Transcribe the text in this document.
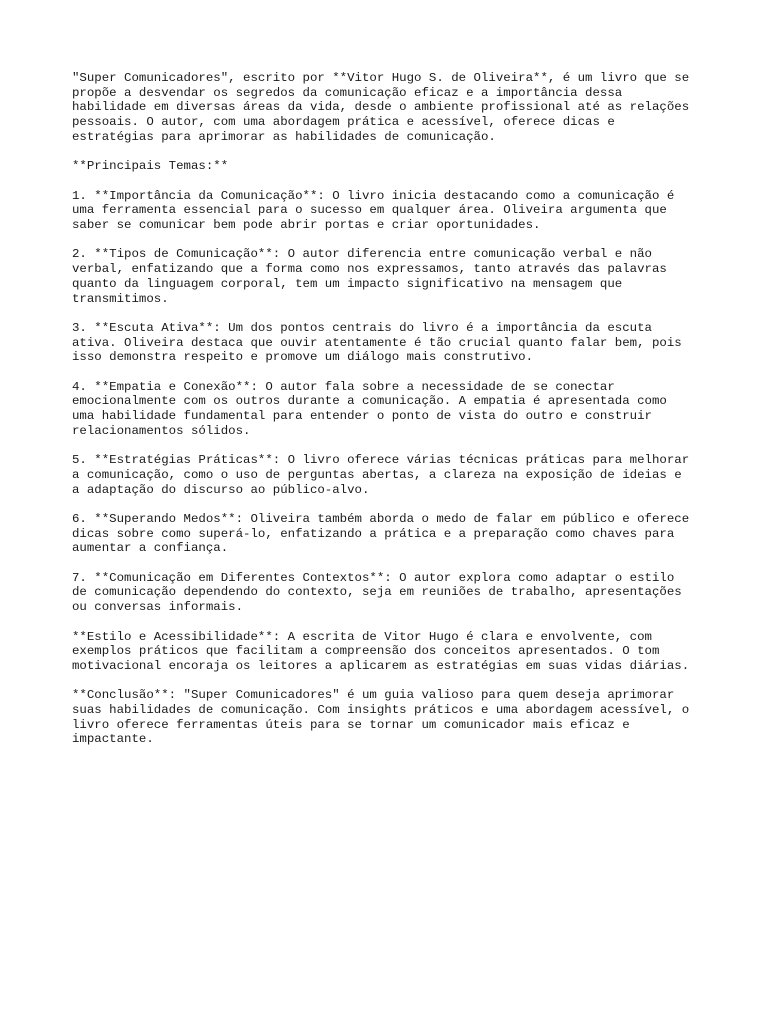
"Super Comunicadores", escrito por **Vitor Hugo S. de Oliveira**, é um livro que se
propõe a desvendar os segredos da comunicação eficaz e a importância dessa
habilidade em diversas áreas da vida, desde o ambiente profissional até as relações
pessoais. O autor, com uma abordagem prática e acessível, oferece dicas e
estratégias para aprimorar as habilidades de comunicação.

**Principais Temas:**

1. **Importância da Comunicação**: O livro inicia destacando como a comunicação é
uma ferramenta essencial para o sucesso em qualquer área. Oliveira argumenta que
saber se comunicar bem pode abrir portas e criar oportunidades.

2. **Tipos de Comunicação**: O autor diferencia entre comunicação verbal e não
verbal, enfatizando que a forma como nos expressamos, tanto através das palavras
quanto da linguagem corporal, tem um impacto significativo na mensagem que
transmitimos.

3. **Escuta Ativa**: Um dos pontos centrais do livro é a importância da escuta
ativa. Oliveira destaca que ouvir atentamente é tão crucial quanto falar bem, pois
isso demonstra respeito e promove um diálogo mais construtivo.

4. **Empatia e Conexão**: O autor fala sobre a necessidade de se conectar
emocionalmente com os outros durante a comunicação. A empatia é apresentada como
uma habilidade fundamental para entender o ponto de vista do outro e construir
relacionamentos sólidos.

5. **Estratégias Práticas**: O livro oferece várias técnicas práticas para melhorar
a comunicação, como o uso de perguntas abertas, a clareza na exposição de ideias e
a adaptação do discurso ao público-alvo.

6. **Superando Medos**: Oliveira também aborda o medo de falar em público e oferece
dicas sobre como superá-lo, enfatizando a prática e a preparação como chaves para
aumentar a confiança.

7. **Comunicação em Diferentes Contextos**: O autor explora como adaptar o estilo
de comunicação dependendo do contexto, seja em reuniões de trabalho, apresentações
ou conversas informais.

**Estilo e Acessibilidade**: A escrita de Vitor Hugo é clara e envolvente, com
exemplos práticos que facilitam a compreensão dos conceitos apresentados. O tom
motivacional encoraja os leitores a aplicarem as estratégias em suas vidas diárias.

**Conclusão**: "Super Comunicadores" é um guia valioso para quem deseja aprimorar
suas habilidades de comunicação. Com insights práticos e uma abordagem acessível, o
livro oferece ferramentas úteis para se tornar um comunicador mais eficaz e
impactante.
